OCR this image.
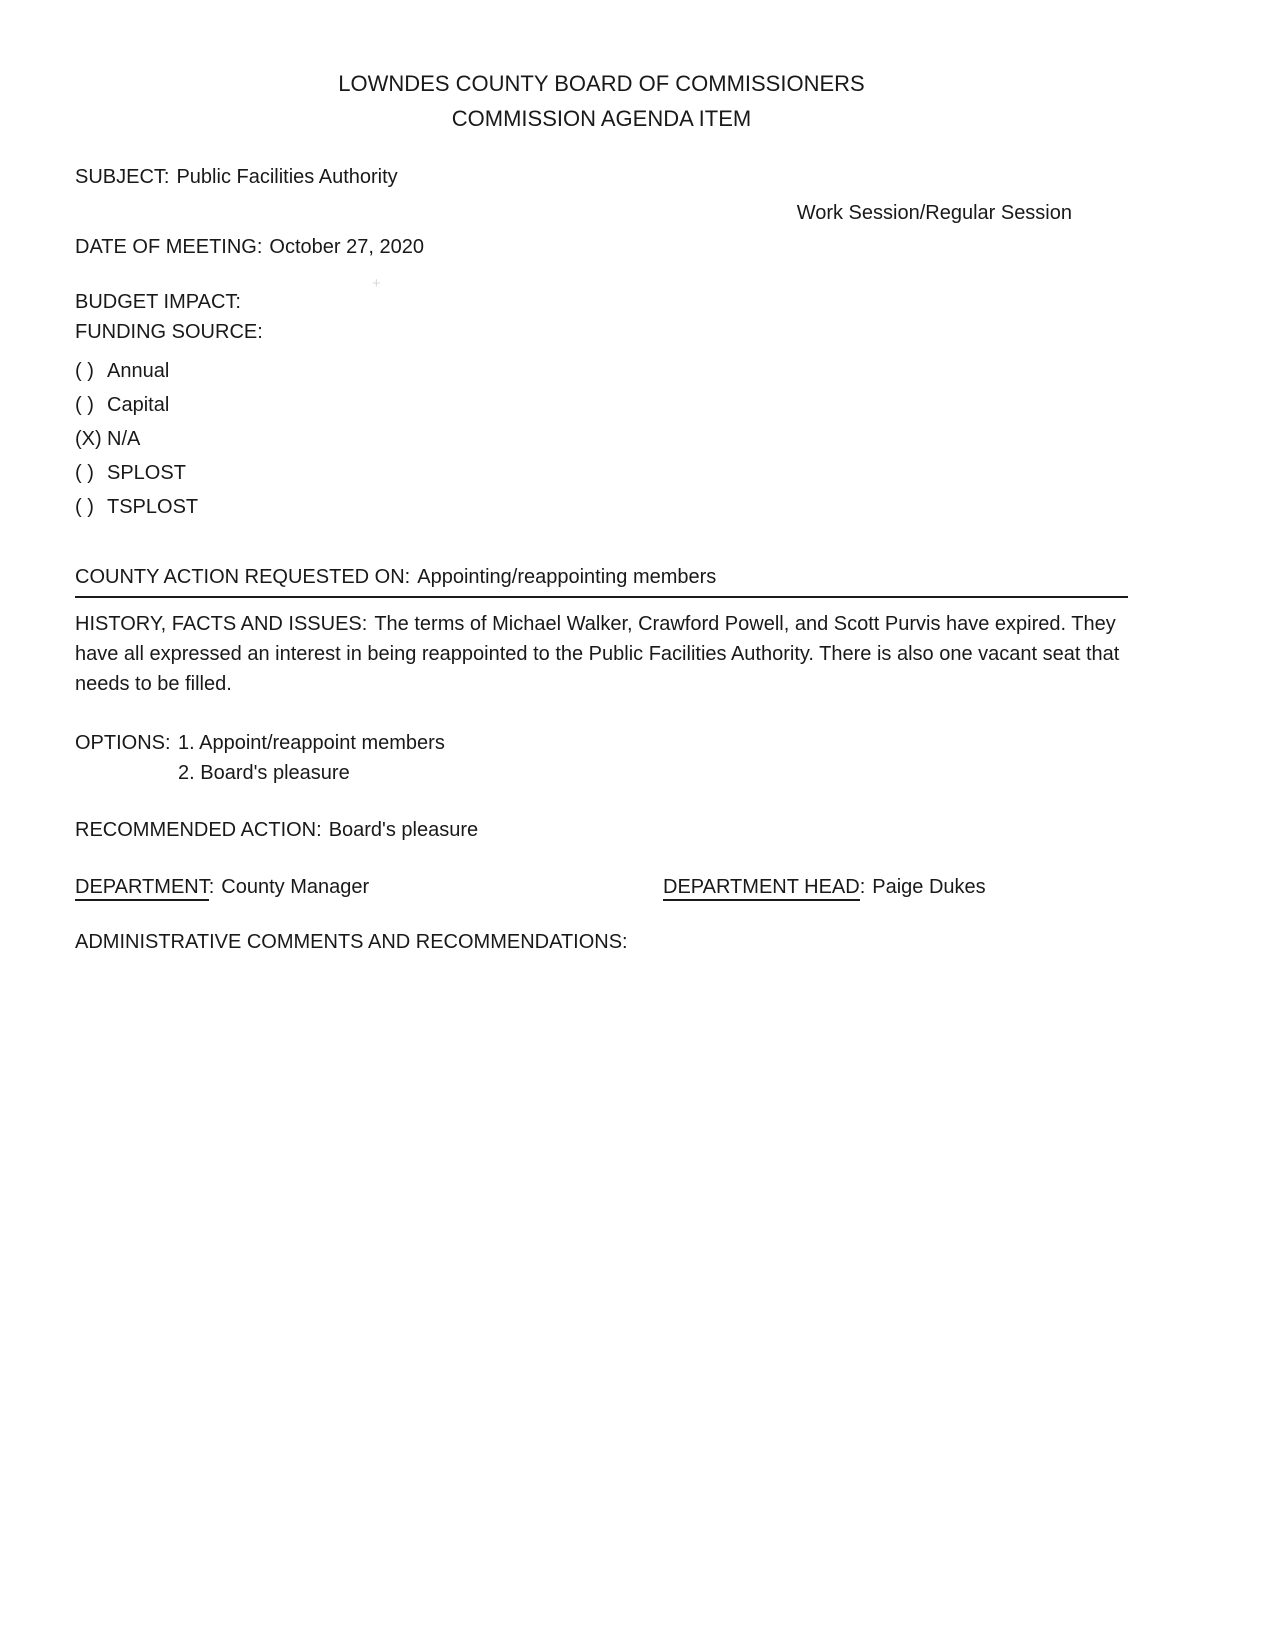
LOWNDES COUNTY BOARD OF COMMISSIONERS
COMMISSION AGENDA ITEM
SUBJECT: Public Facilities Authority
Work Session/Regular Session
DATE OF MEETING: October 27, 2020
BUDGET IMPACT:
FUNDING SOURCE:
( ) Annual
( ) Capital
(X) N/A
( ) SPLOST
( ) TSPLOST
COUNTY ACTION REQUESTED ON: Appointing/reappointing members

HISTORY, FACTS AND ISSUES: The terms of Michael Walker, Crawford Powell, and Scott Purvis have expired. They have all expressed an interest in being reappointed to the Public Facilities Authority. There is also one vacant seat that needs to be filled.

OPTIONS: 1. Appoint/reappoint members
2. Board's pleasure
RECOMMENDED ACTION: Board's pleasure
DEPARTMENT: County Manager	DEPARTMENT HEAD: Paige Dukes
ADMINISTRATIVE COMMENTS AND RECOMMENDATIONS:
+
